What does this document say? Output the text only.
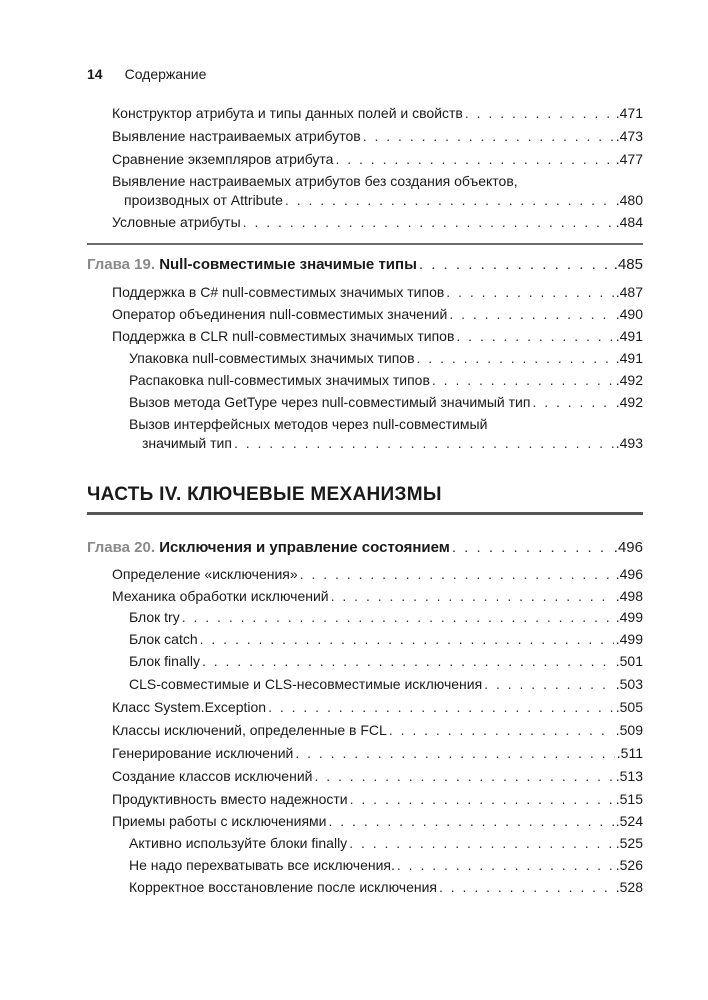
14 Содержание
Конструктор атрибута и типы данных полей и свойств . . .	.471
Выявление настраиваемых атрибутов . . .	.473
Сравнение экземпляров атрибута . . .	.477
Выявление настраиваемых атрибутов без создания объектов,
производных от Attribute . . .	.480
Условные атрибуты . . .	.484
Глава 19. Null-совместимые значимые типы . . .	.485
Поддержка в C# null-совместимых значимых типов . . .	.487
Оператор объединения null-совместимых значений . . .	.490
Поддержка в CLR null-совместимых значимых типов . . .	.491
Упаковка null-совместимых значимых типов . . .	.491
Распаковка null-совместимых значимых типов . . .	.492
Вызов метода GetType через null-совместимый значимый тип . . .	.492
Вызов интерфейсных методов через null-совместимый
значимый тип . . .	.493
ЧАСТЬ IV. КЛЮЧЕВЫЕ МЕХАНИЗМЫ
Глава 20. Исключения и управление состоянием . . .	.496
Определение «исключения» . . .	.496
Механика обработки исключений . . .	.498
Блок try . . .	.499
Блок catch . . .	.499
Блок finally . . .	.501
CLS-совместимые и CLS-несовместимые исключения . . .	.503
Класс System.Exception . . .	.505
Классы исключений, определенные в FCL . . .	.509
Генерирование исключений . . .	.511
Создание классов исключений . . .	.513
Продуктивность вместо надежности . . .	.515
Приемы работы с исключениями . . .	.524
Активно используйте блоки finally . . .	.525
Не надо перехватывать все исключения. . . .	.526
Корректное восстановление после исключения . . .	.528
